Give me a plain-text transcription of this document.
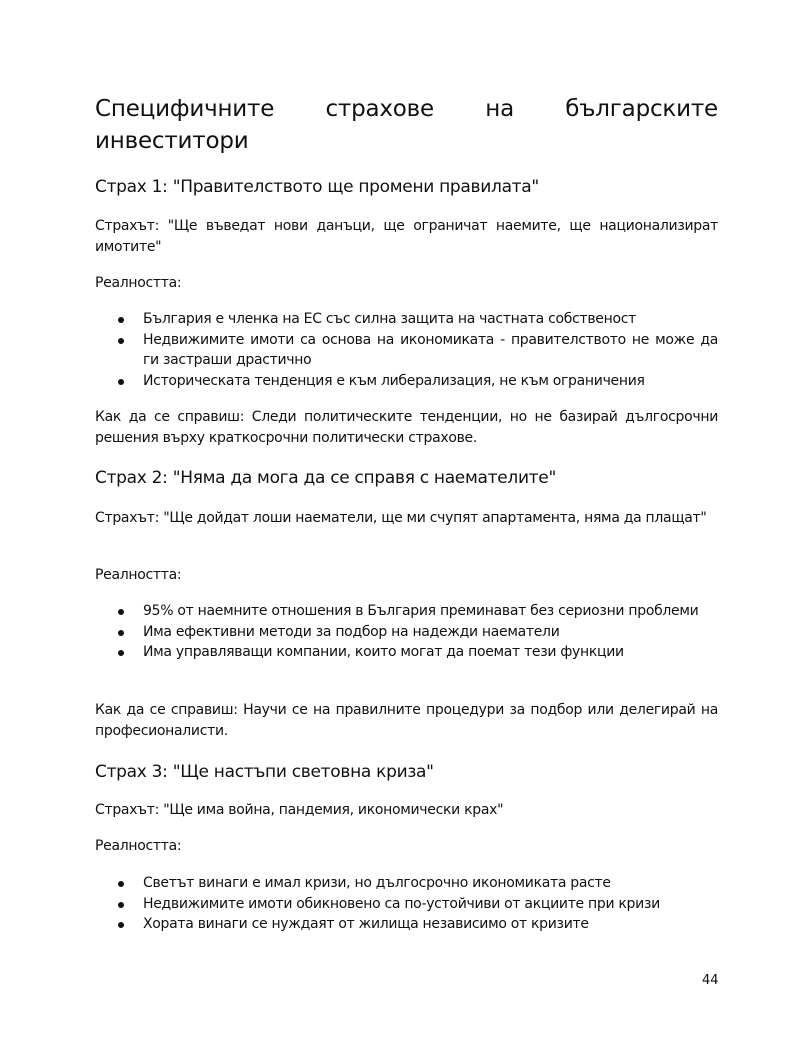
Специфичните страхове на българските
инвеститори
Страх 1: "Правителството ще промени правилата"

Страхът: "Ще въведат нови данъци, ще ограничат наемите, ще национализират имотите"

Реалността:

България е членка на ЕС със силна защита на частната собственост
Недвижимите имоти са основа на икономиката - правителството не може да ги застраши драстично
Историческата тенденция е към либерализация, не към ограничения

Как да се справиш: Следи политическите тенденции, но не базирай дългосрочни решения върху краткосрочни политически страхове.

Страх 2: "Няма да мога да се справя с наемателите"

Страхът: "Ще дойдат лоши наематели, ще ми счупят апартамента, няма да плащат"

Реалността:

95% от наемните отношения в България преминават без сериозни проблеми
Има ефективни методи за подбор на надежди наематели
Има управляващи компании, които могат да поемат тези функции

Как да се справиш: Научи се на правилните процедури за подбор или делегирай на професионалисти.

Страх 3: "Ще настъпи световна криза"

Страхът: "Ще има война, пандемия, икономически крах"

Реалността:

Светът винаги е имал кризи, но дългосрочно икономиката расте
Недвижимите имоти обикновено са по-устойчиви от акциите при кризи
Хората винаги се нуждаят от жилища независимо от кризите
44
